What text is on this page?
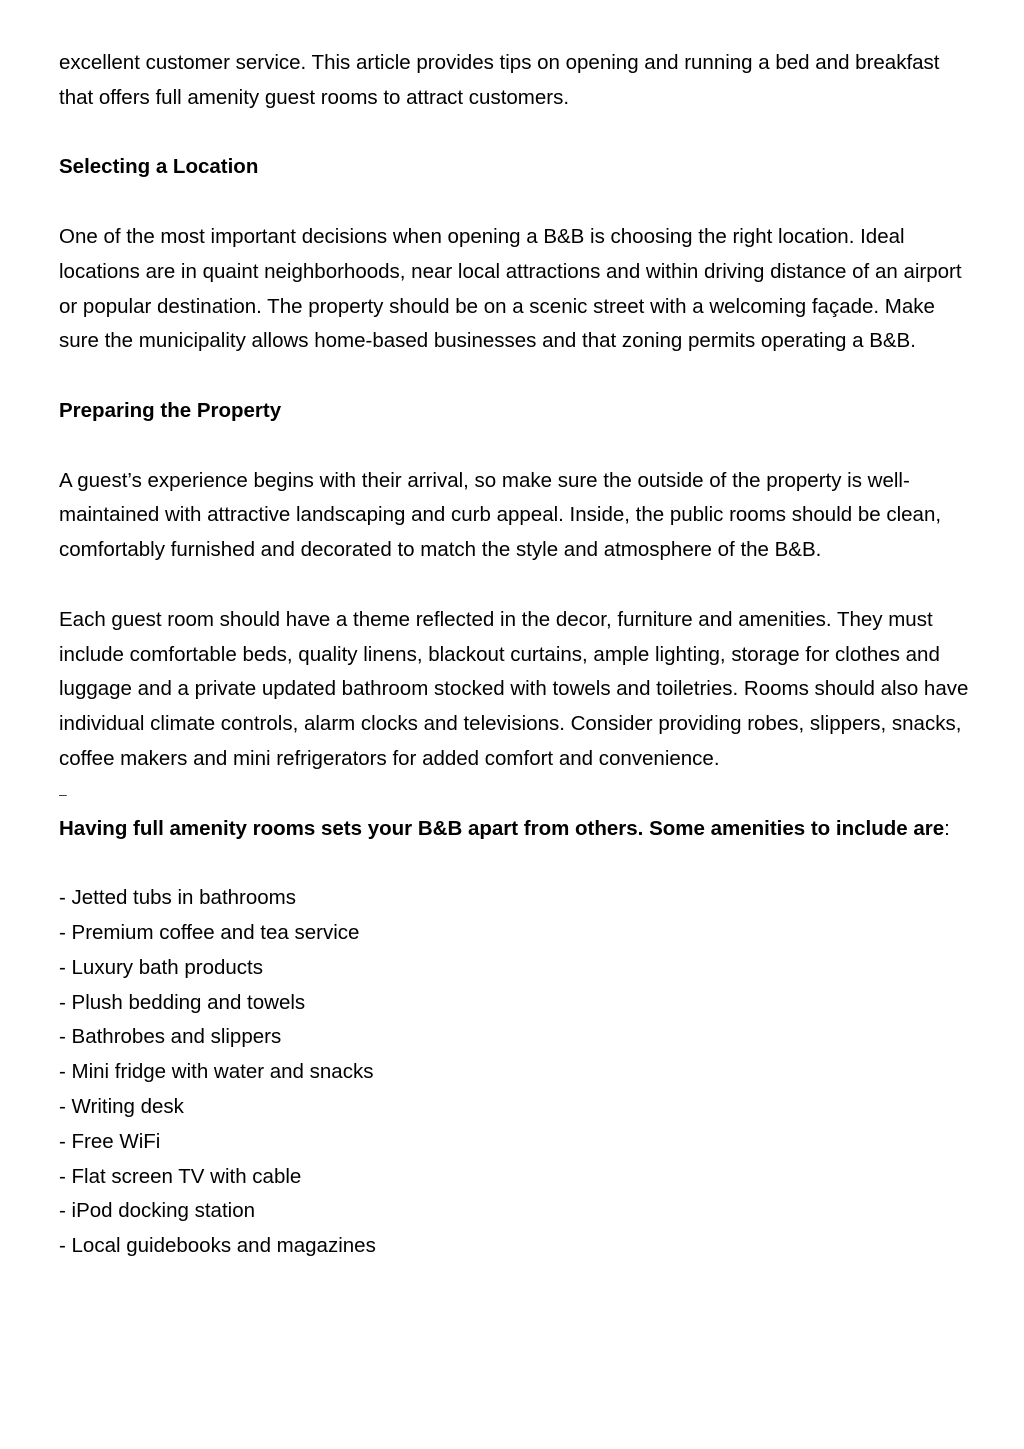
excellent customer service. This article provides tips on opening and running a bed and breakfast that offers full amenity guest rooms to attract customers.

Selecting a Location

One of the most important decisions when opening a B&B is choosing the right location. Ideal locations are in quaint neighborhoods, near local attractions and within driving distance of an airport or popular destination. The property should be on a scenic street with a welcoming façade. Make sure the municipality allows home-based businesses and that zoning permits operating a B&B.

Preparing the Property

A guest’s experience begins with their arrival, so make sure the outside of the property is well-maintained with attractive landscaping and curb appeal. Inside, the public rooms should be clean, comfortably furnished and decorated to match the style and atmosphere of the B&B.

Each guest room should have a theme reflected in the decor, furniture and amenities. They must include comfortable beds, quality linens, blackout curtains, ample lighting, storage for clothes and luggage and a private updated bathroom stocked with towels and toiletries. Rooms should also have individual climate controls, alarm clocks and televisions. Consider providing robes, slippers, snacks, coffee makers and mini refrigerators for added comfort and convenience.

–

Having full amenity rooms sets your B&B apart from others. Some amenities to include are:

- Jetted tubs in bathrooms
- Premium coffee and tea service
- Luxury bath products
- Plush bedding and towels
- Bathrobes and slippers
- Mini fridge with water and snacks
- Writing desk
- Free WiFi
- Flat screen TV with cable
- iPod docking station
- Local guidebooks and magazines
